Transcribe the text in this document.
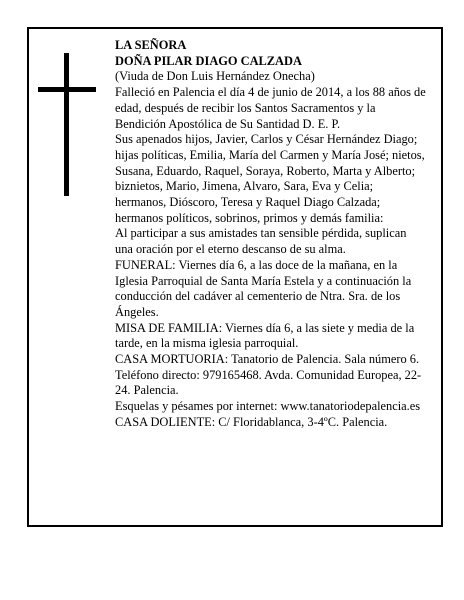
LA SEÑORA

DOÑA PILAR DIAGO CALZADA

(Viuda de Don Luis Hernández Onecha)

Falleció en Palencia el día 4 de junio de 2014, a los 88 años de edad, después de recibir los Santos Sacramentos y la Bendición Apostólica de Su Santidad D. E. P.

Sus apenados hijos, Javier, Carlos y César Hernández Diago; hijas políticas, Emilia, María del Carmen y María José; nietos, Susana, Eduardo, Raquel, Soraya, Roberto, Marta y Alberto; biznietos, Mario, Jimena, Alvaro, Sara, Eva y Celia; hermanos, Dióscoro, Teresa y Raquel Diago Calzada; hermanos políticos, sobrinos, primos y demás familia:

Al participar a sus amistades tan sensible pérdida, suplican una oración por el eterno descanso de su alma.

FUNERAL: Viernes día 6, a las doce de la mañana, en la Iglesia Parroquial de Santa María Estela y a continuación la conducción del cadáver al cementerio de Ntra. Sra. de los Ángeles.

MISA DE FAMILIA: Viernes día 6, a las siete y media de la tarde, en la misma iglesia parroquial.

CASA MORTUORIA: Tanatorio de Palencia. Sala número 6. Teléfono directo: 979165468. Avda. Comunidad Europea, 22-24. Palencia.

Esquelas y pésames por internet: www.tanatoriodepalencia.es

CASA DOLIENTE: C/ Floridablanca, 3-4ºC. Palencia.
